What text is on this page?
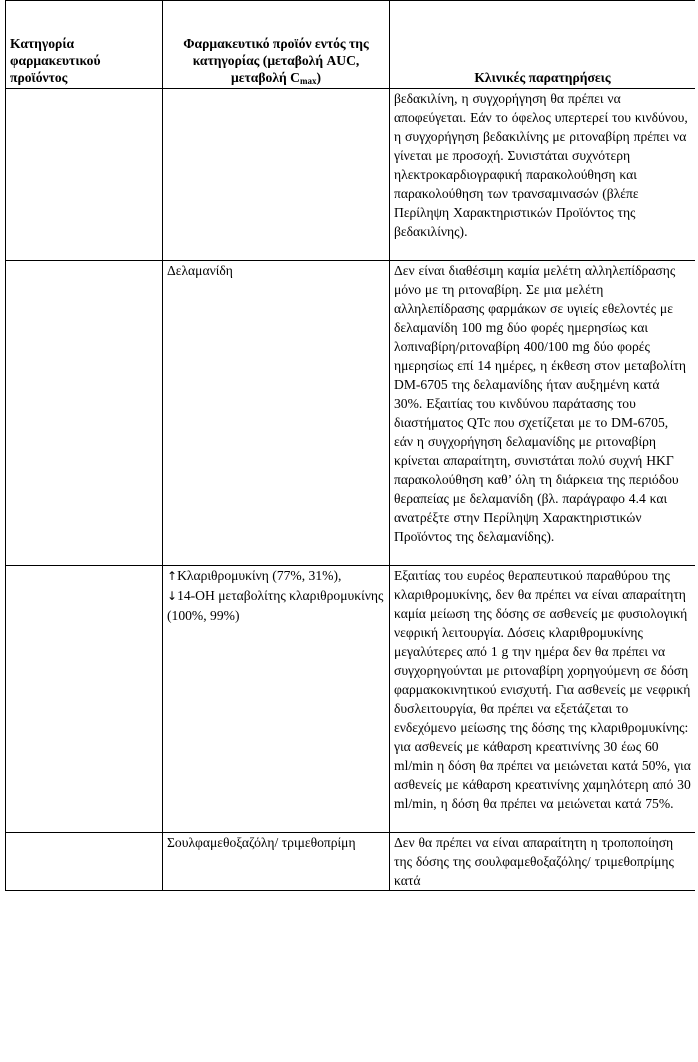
Κατηγορία φαρμακευτικού προϊόντος	Φαρμακευτικό προϊόν εντός της κατηγορίας (μεταβολή AUC, μεταβολή $C_{max}$)	Κλινικές παρατηρήσεις

		βεδακιλίνη, η συγχορήγηση θα πρέπει να αποφεύγεται. Εάν το όφελος υπερτερεί του κινδύνου, η συγχορήγηση βεδακιλίνης με ριτοναβίρη πρέπει να γίνεται με προσοχή. Συνιστάται συχνότερη ηλεκτροκαρδιογραφική παρακολούθηση και παρακολούθηση των τρανσαμινασών (βλέπε Περίληψη Χαρακτηριστικών Προϊόντος της βεδακιλίνης).

	Δελαμανίδη	Δεν είναι διαθέσιμη καμία μελέτη αλληλεπίδρασης μόνο με τη ριτοναβίρη. Σε μια μελέτη αλληλεπίδρασης φαρμάκων σε υγιείς εθελοντές με δελαμανίδη 100 mg δύο φορές ημερησίως και λοπιναβίρη/ριτοναβίρη 400/100 mg δύο φορές ημερησίως επί 14 ημέρες, η έκθεση στον μεταβολίτη DM-6705 της δελαμανίδης ήταν αυξημένη κατά 30%. Εξαιτίας του κινδύνου παράτασης του διαστήματος QTc που σχετίζεται με το DM-6705, εάν η συγχορήγηση δελαμανίδης με ριτοναβίρη κρίνεται απαραίτητη, συνιστάται πολύ συχνή ΗΚΓ παρακολούθηση καθ’ όλη τη διάρκεια της περιόδου θεραπείας με δελαμανίδη (βλ. παράγραφο 4.4 και ανατρέξτε στην Περίληψη Χαρακτηριστικών Προϊόντος της δελαμανίδης).

	↑Κλαριθρομυκίνη (77%, 31%),
↓14-OH μεταβολίτης κλαριθρομυκίνης (100%, 99%)	Εξαιτίας του ευρέος θεραπευτικού παραθύρου της κλαριθρομυκίνης, δεν θα πρέπει να είναι απαραίτητη καμία μείωση της δόσης σε ασθενείς με φυσιολογική νεφρική λειτουργία. Δόσεις κλαριθρομυκίνης μεγαλύτερες από 1 g την ημέρα δεν θα πρέπει να συγχορηγούνται με ριτοναβίρη χορηγούμενη σε δόση φαρμακοκινητικού ενισχυτή. Για ασθενείς με νεφρική δυσλειτουργία, θα πρέπει να εξετάζεται το ενδεχόμενο μείωσης της δόσης της κλαριθρομυκίνης: για ασθενείς με κάθαρση κρεατινίνης 30 έως 60 ml/min η δόση θα πρέπει να μειώνεται κατά 50%, για ασθενείς με κάθαρση κρεατινίνης χαμηλότερη από 30 ml/min, η δόση θα πρέπει να μειώνεται κατά 75%.

	Σουλφαμεθοξαζόλη/ τριμεθοπρίμη	Δεν θα πρέπει να είναι απαραίτητη η τροποποίηση της δόσης της σουλφαμεθοξαζόλης/ τριμεθοπρίμης κατά
